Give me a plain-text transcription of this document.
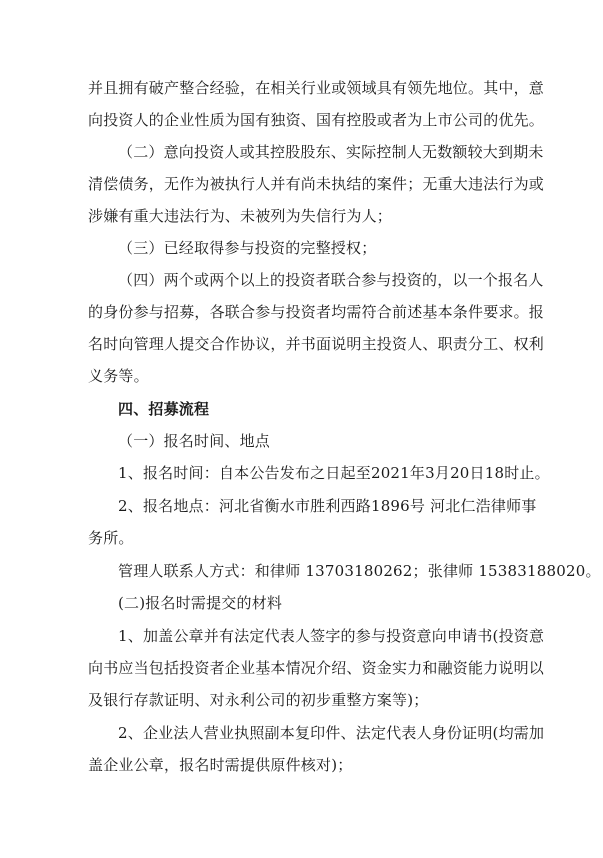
并且拥有破产整合经验，在相关行业或领域具有领先地位。其中，意
向投资人的企业性质为国有独资、国有控股或者为上市公司的优先。
（二）意向投资人或其控股股东、实际控制人无数额较大到期未
清偿债务，无作为被执行人并有尚未执结的案件；无重大违法行为或
涉嫌有重大违法行为、未被列为失信行为人；
（三）已经取得参与投资的完整授权；
（四）两个或两个以上的投资者联合参与投资的，以一个报名人
的身份参与招募，各联合参与投资者均需符合前述基本条件要求。报
名时向管理人提交合作协议，并书面说明主投资人、职责分工、权利
义务等。
四、招募流程
（一）报名时间、地点
1、报名时间：自本公告发布之日起至2021年3月20日18时止。
2、报名地点：河北省衡水市胜利西路1896号 河北仁浩律师事
务所。
管理人联系人方式：和律师 13703180262；张律师 15383188020。
(二)报名时需提交的材料
1、加盖公章并有法定代表人签字的参与投资意向申请书(投资意
向书应当包括投资者企业基本情况介绍、资金实力和融资能力说明以
及银行存款证明、对永利公司的初步重整方案等)；
2、企业法人营业执照副本复印件、法定代表人身份证明(均需加
盖企业公章，报名时需提供原件核对)；
